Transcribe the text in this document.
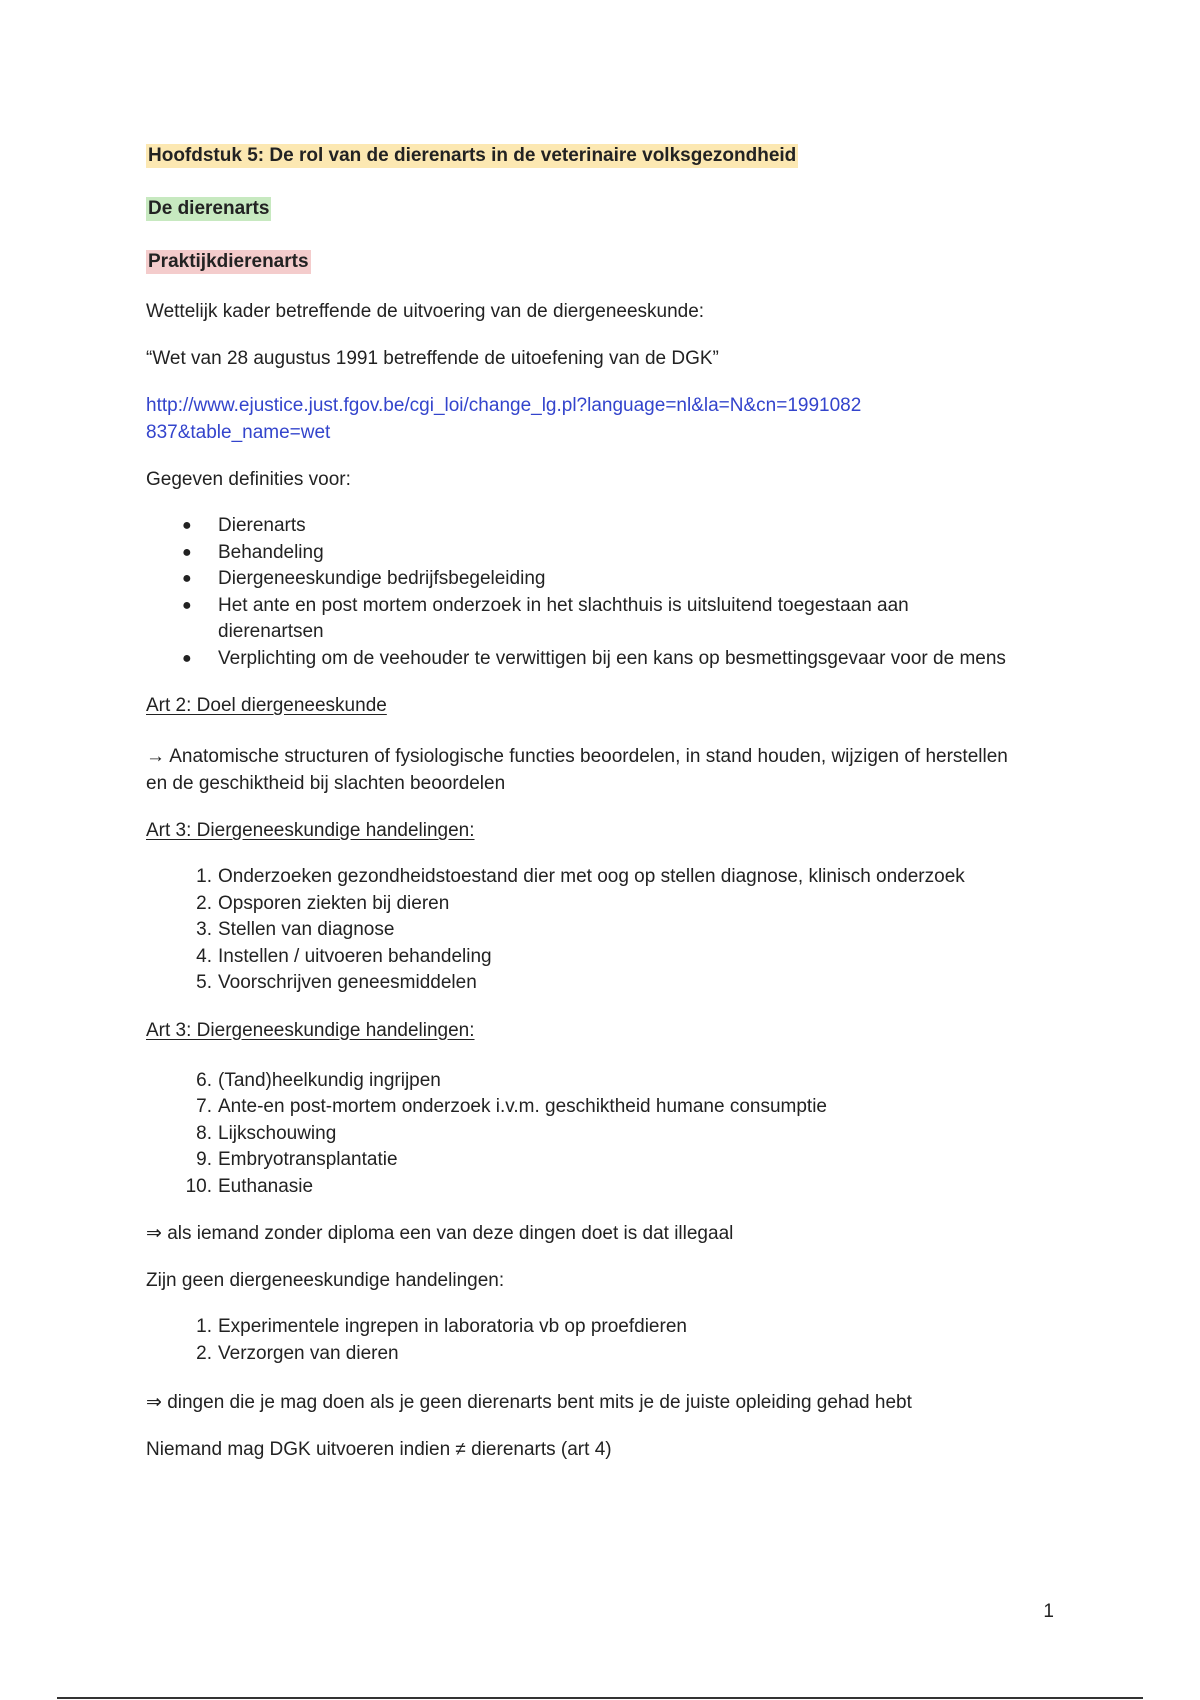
Hoofdstuk 5: De rol van de dierenarts in de veterinaire volksgezondheid
De dierenarts
Praktijkdierenarts

Wettelijk kader betreffende de uitvoering van de diergeneeskunde:

“Wet van 28 augustus 1991 betreffende de uitoefening van de DGK”

http://www.ejustice.just.fgov.be/cgi_loi/change_lg.pl?language=nl&la=N&cn=1991082

837&table_name=wet

Gegeven definities voor:

●	Dierenarts
●	Behandeling
●	Diergeneeskundige bedrijfsbegeleiding
●	Het ante en post mortem onderzoek in het slachthuis is uitsluitend toegestaan aan dierenartsen
●	Verplichting om de veehouder te verwittigen bij een kans op besmettingsgevaar voor de mens

Art 2: Doel diergeneeskunde

→ Anatomische structuren of fysiologische functies beoordelen, in stand houden, wijzigen of herstellen en de geschiktheid bij slachten beoordelen

Art 3: Diergeneeskundige handelingen:

1. Onderzoeken gezondheidstoestand dier met oog op stellen diagnose, klinisch onderzoek
2. Opsporen ziekten bij dieren
3. Stellen van diagnose
4. Instellen / uitvoeren behandeling
5. Voorschrijven geneesmiddelen

Art 3: Diergeneeskundige handelingen:

6. (Tand)heelkundig ingrijpen
7. Ante-en post-mortem onderzoek i.v.m. geschiktheid humane consumptie
8. Lijkschouwing
9. Embryotransplantatie
10. Euthanasie

⇒ als iemand zonder diploma een van deze dingen doet is dat illegaal

Zijn geen diergeneeskundige handelingen:

1. Experimentele ingrepen in laboratoria vb op proefdieren
2. Verzorgen van dieren

⇒ dingen die je mag doen als je geen dierenarts bent mits je de juiste opleiding gehad hebt

Niemand mag DGK uitvoeren indien ≠ dierenarts (art 4)

1
